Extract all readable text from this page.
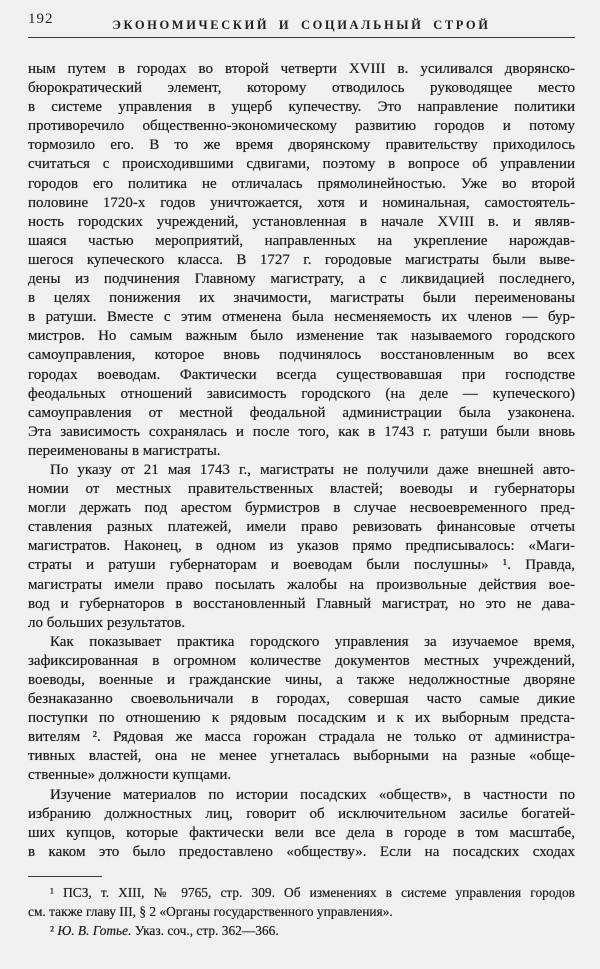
192	ЭКОНОМИЧЕСКИЙ И СОЦИАЛЬНЫЙ СТРОЙ
ным путем в городах во второй четверти XVIII в. усиливался дворянско-
бюрократический элемент, которому отводилось руководящее место
в системе управления в ущерб купечеству. Это направление политики
противоречило общественно-экономическому развитию городов и потому
тормозило его. В то же время дворянскому правительству приходилось
считаться с происходившими сдвигами, поэтому в вопросе об управлении
городов его политика не отличалась прямолинейностью. Уже во второй
половине 1720-х годов уничтожается, хотя и номинальная, самостоятель-
ность городских учреждений, установленная в начале XVIII в. и являв-
шаяся частью мероприятий, направленных на укрепление нарождав-
шегося купеческого класса. В 1727 г. городовые магистраты были выве-
дены из подчинения Главному магистрату, а с ликвидацией последнего,
в целях понижения их значимости, магистраты были переименованы
в ратуши. Вместе с этим отменена была несменяемость их членов — бур-
мистров. Но самым важным было изменение так называемого городского
самоуправления, которое вновь подчинялось восстановленным во всех
городах воеводам. Фактически всегда существовавшая при господстве
феодальных отношений зависимость городского (на деле — купеческого)
самоуправления от местной феодальной администрации была узаконена.
Эта зависимость сохранялась и после того, как в 1743 г. ратуши были вновь
переименованы в магистраты.
По указу от 21 мая 1743 г., магистраты не получили даже внешней авто-
номии от местных правительственных властей; воеводы и губернаторы
могли держать под арестом бурмистров в случае несвоевременного пред-
ставления разных платежей, имели право ревизовать финансовые отчеты
магистратов. Наконец, в одном из указов прямо предписывалось: «Маги-
страты и ратуши губернаторам и воеводам были послушны» ¹. Правда,
магистраты имели право посылать жалобы на произвольные действия вое-
вод и губернаторов в восстановленный Главный магистрат, но это не дава-
ло больших результатов.
Как показывает практика городского управления за изучаемое время,
зафиксированная в огромном количестве документов местных учреждений,
воеводы, военные и гражданские чины, а также недолжностные дворяне
безнаказанно своевольничали в городах, совершая часто самые дикие
поступки по отношению к рядовым посадским и к их выборным предста-
вителям ². Рядовая же масса горожан страдала не только от администра-
тивных властей, она не менее угнеталась выборными на разные «обще-
ственные» должности купцами.
Изучение материалов по истории посадских «обществ», в частности по
избранию должностных лиц, говорит об исключительном засилье богатей-
ших купцов, которые фактически вели все дела в городе в том масштабе,
в каком это было предоставлено «обществу». Если на посадских сходах
¹ ПСЗ, т. XIII, № 9765, стр. 309. Об изменениях в системе управления городов
см. также главу III, § 2 «Органы государственного управления».
² Ю. В. Готье. Указ. соч., стр. 362—366.
